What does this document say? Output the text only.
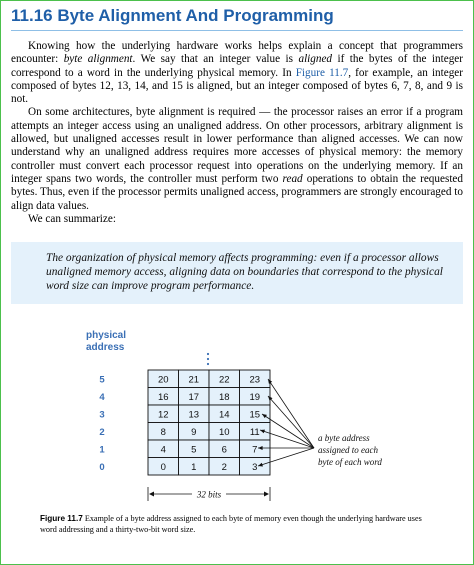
11.16 Byte Alignment And Programming

Knowing how the underlying hardware works helps explain a concept that programmers encounter: byte alignment. We say that an integer value is aligned if the bytes of the integer correspond to a word in the underlying physical memory. In Figure 11.7, for example, an integer composed of bytes 12, 13, 14, and 15 is aligned, but an integer composed of bytes 6, 7, 8, and 9 is not.

On some architectures, byte alignment is required — the processor raises an error if a program attempts an integer access using an unaligned address. On other processors, arbitrary alignment is allowed, but unaligned accesses result in lower performance than aligned accesses. We can now understand why an unaligned address requires more accesses of physical memory: the memory controller must convert each processor request into operations on the underlying memory. If an integer spans two words, the controller must perform two read operations to obtain the requested bytes. Thus, even if the processor permits unaligned access, programmers are strongly encouraged to align data values.

We can summarize:

The organization of physical memory affects programming: even if a processor allows unaligned memory access, aligning data on boundaries that correspond to the physical word size can improve program performance.

physical
address
5	20 21 22 23
4	16 17 18 19
3	12 13 14 15
2	8	9 10 11
1	4	5	6	7
0	0	1	2	3
a byte address
assigned to each
byte of each word
32 bits
Figure 11.7 Example of a byte address assigned to each byte of memory even though the underlying hardware uses word addressing and a thirty-two-bit word size.
